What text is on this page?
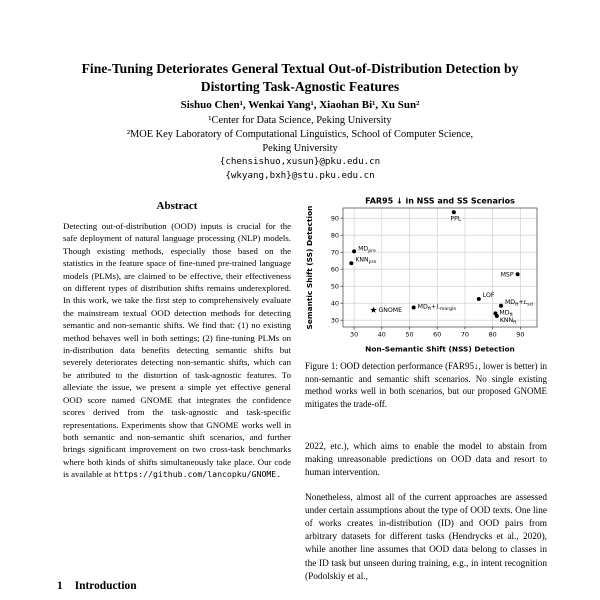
Fine-Tuning Deteriorates General Textual Out-of-Distribution Detection by Distorting Task-Agnostic Features
Sishuo Chen¹, Wenkai Yang¹, Xiaohan Bi¹, Xu Sun²
¹Center for Data Science, Peking University
²MOE Key Laboratory of Computational Linguistics, School of Computer Science,
Peking University
{chensishuo,xusun}@pku.edu.cn
{wkyang,bxh}@stu.pku.edu.cn
Abstract
Detecting out-of-distribution (OOD) inputs is crucial for the safe deployment of natural language processing (NLP) models. Though existing methods, especially those based on the statistics in the feature space of fine-tuned pre-trained language models (PLMs), are claimed to be effective, their effectiveness on different types of distribution shifts remains underexplored. In this work, we take the first step to comprehensively evaluate the mainstream textual OOD detection methods for detecting semantic and non-semantic shifts. We find that: (1) no existing method behaves well in both settings; (2) fine-tuning PLMs on in-distribution data benefits detecting semantic shifts but severely deteriorates detecting non-semantic shifts, which can be attributed to the distortion of task-agnostic features. To alleviate the issue, we present a simple yet effective general OOD score named GNOME that integrates the confidence scores derived from the task-agnostic and task-specific representations. Experiments show that GNOME works well in both semantic and non-semantic shift scenarios, and further brings significant improvement on two cross-task benchmarks where both kinds of shifts simultaneously take place. Our code is available at https://github.com/lancopku/GNOME.
1 Introduction
30	40	50	60	70	80	90
30
40
50
60
70
80
90
FAR95 ↓ in NSS and SS Scenarios
Non-Semantic Shift (NSS) Detection
Semantic Shift (SS) Detection	PPL
MSP
$MD_{pre}$
$KNN_{pre}$
LOF
$MD_{ft}+L_{scl}$
$MD_{ft}+L_{margin}$
GNOME	$MD_{ft}$
$KNN_{ft}$
Figure 1: OOD detection performance (FAR95↓, lower is better) in non-semantic and semantic shift scenarios. No single existing method works well in both scenarios, but our proposed GNOME mitigates the trade-off.

2022, etc.), which aims to enable the model to abstain from making unreasonable predictions on OOD data and resort to human intervention.

Nonetheless, almost all of the current approaches are assessed under certain assumptions about the type of OOD texts. One line of works creates in-distribution (ID) and OOD pairs from arbitrary datasets for different tasks (Hendrycks et al., 2020), while another line assumes that OOD data belong to classes in the ID task but unseen during training, e.g., in intent recognition (Podolskiy et al.,
